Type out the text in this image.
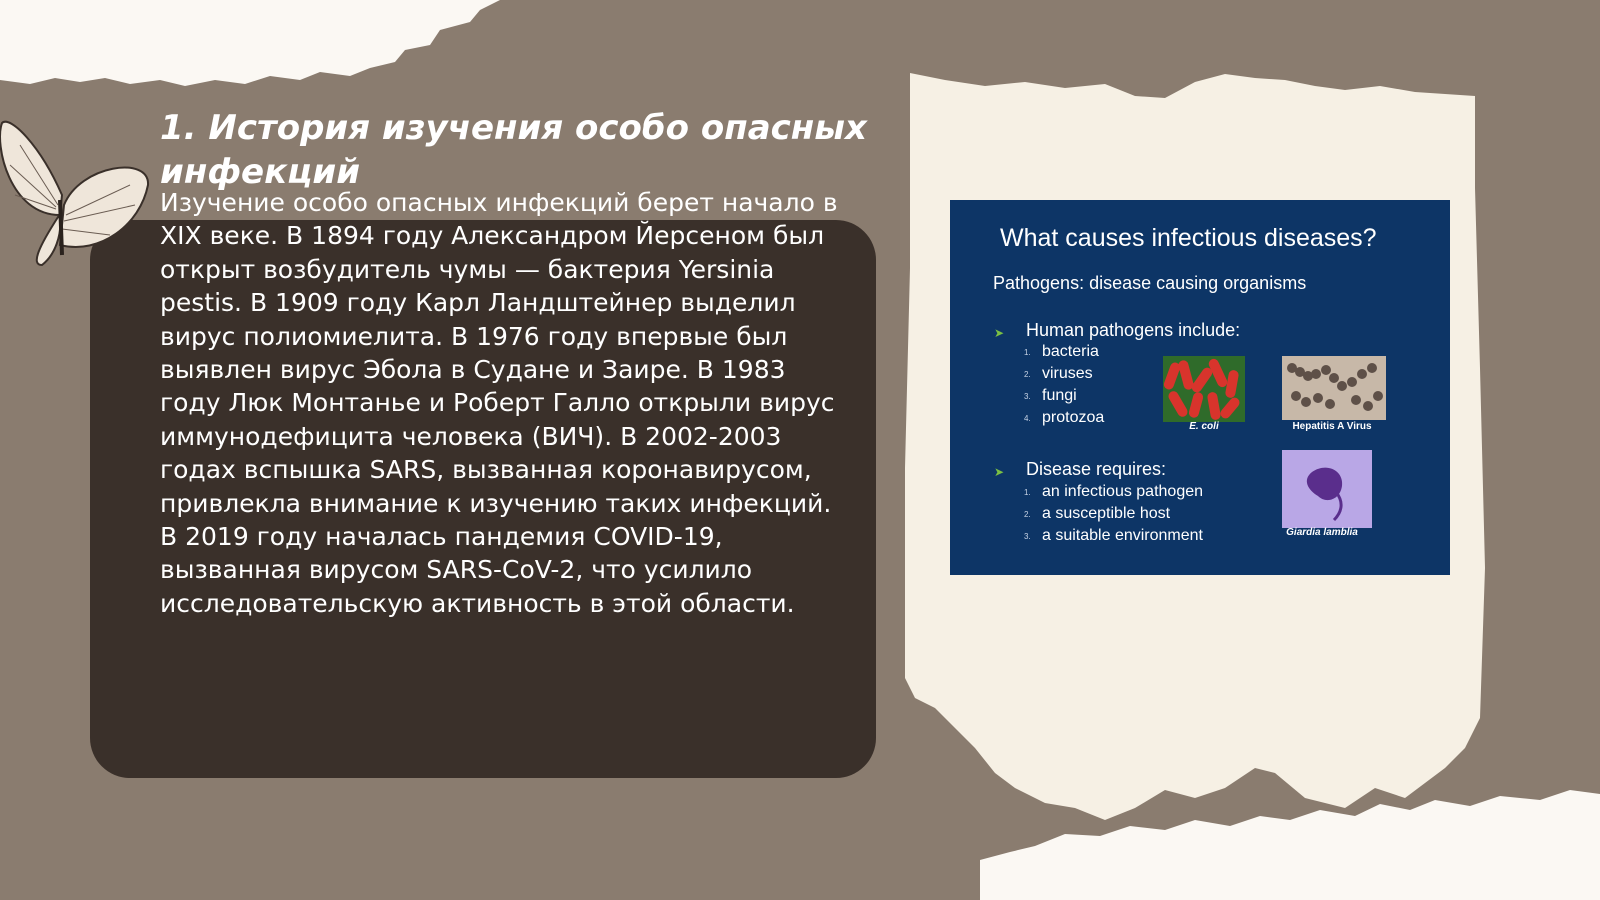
1. История изучения особо опасных инфекций

Изучение особо опасных инфекций берет начало в XIX веке. В 1894 году Александром Йерсеном был открыт возбудитель чумы — бактерия Yersinia pestis. В 1909 году Карл Ландштейнер выделил вирус полиомиелита. В 1976 году впервые был выявлен вирус Эбола в Судане и Заире. В 1983 году Люк Монтанье и Роберт Галло открыли вирус иммунодефицита человека (ВИЧ). В 2002-2003 годах вспышка SARS, вызванная коронавирусом, привлекла внимание к изучению таких инфекций. В 2019 году началась пандемия COVID-19, вызванная вирусом SARS-CoV-2, что усилило исследовательскую активность в этой области.

What causes infectious diseases?
Pathogens: disease causing organisms
➤ Human pathogens include:
1. bacteria
2. viruses
3. fungi
4. protozoa
➤ Disease requires:
1. an infectious pathogen
2. a susceptible host
3. a suitable environment
E. coli	Hepatitis A Virus
Giardia lamblia
